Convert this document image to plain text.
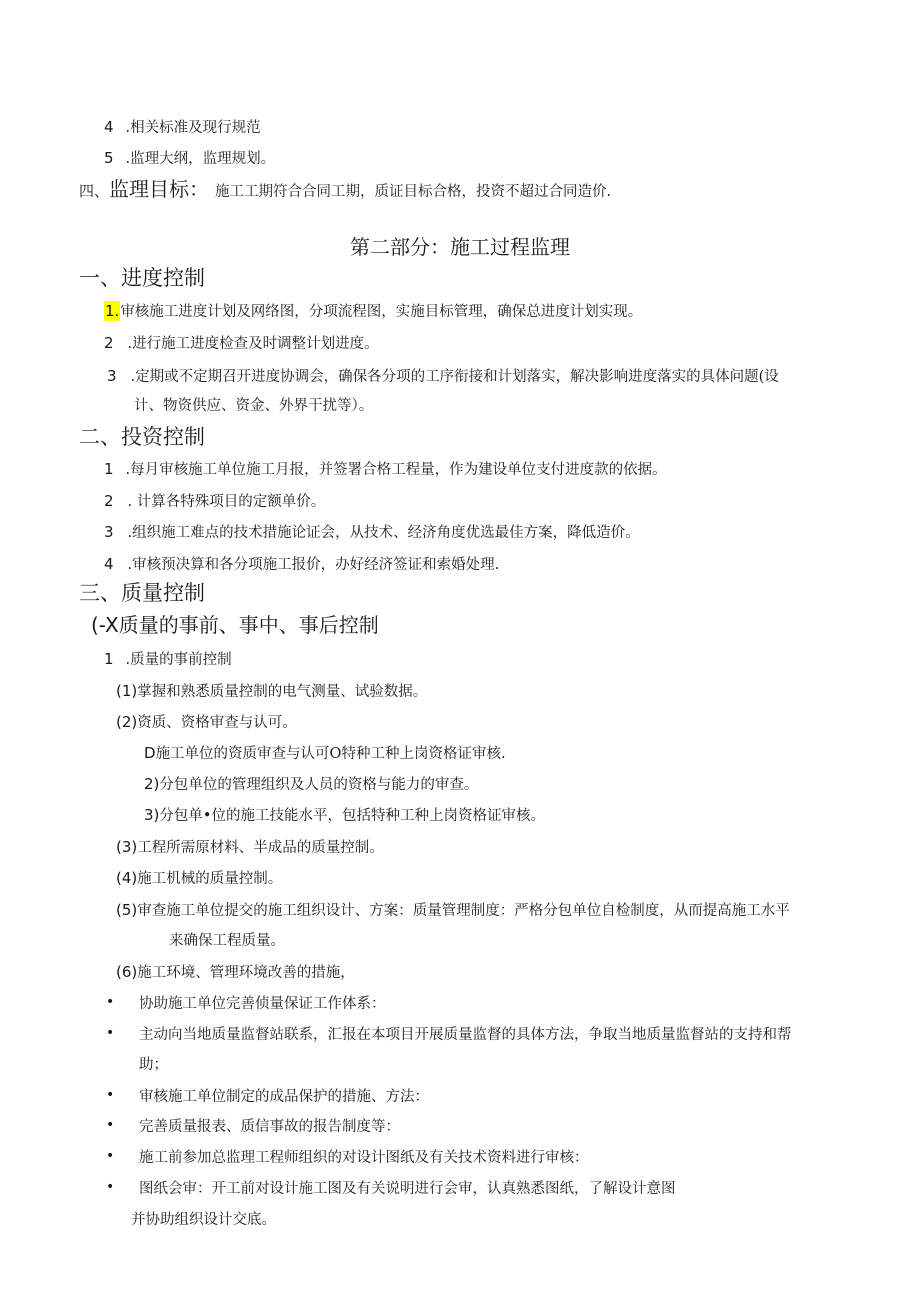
4 .相关标准及现行规范
5 .监理大纲，监理规划。
四、监理目标： 施工工期符合合同工期，质证目标合格，投资不超过合同造价.
第二部分：施工过程监理
一、进度控制
1.审核施工进度计划及网络图，分项流程图，实施目标管理，确保总进度计划实现。
2 .进行施工进度检查及时调整计划进度。
3 .定期或不定期召开进度协调会，确保各分项的工序衔接和计划落实，解决影响进度落实的具体问题(设
计、物资供应、资金、外界干扰等）。
二、投资控制
1 .每月审核施工单位施工月报，并签署合格工程量，作为建设单位支付进度款的依据。
2 . 计算各特殊项目的定额单价。
3 .组织施工难点的技术措施论证会，从技术、经济角度优选最佳方案，降低造价。
4 .审核预决算和各分项施工报价，办好经济签证和索婚处理.
三、质量控制
(-X质量的事前、事中、事后控制
1 .质量的事前控制
(1)掌握和熟悉质量控制的电气测量、试验数据。
(2)资质、资格审查与认可。
D施工单位的资质审查与认可O特种工种上岗资格证审核.
2)分包单位的管理组织及人员的资格与能力的审查。
3)分包单•位的施工技能水平，包括特种工种上岗资格证审核。
(3)工程所需原材料、半成品的质量控制。
(4)施工机械的质量控制。
(5)审查施工单位提交的施工组织设计、方案：质量管理制度：严格分包单位自检制度，从而提高施工水平
来确保工程质量。
(6)施工环境、管理环境改善的措施，
• 协助施工单位完善侦量保证工作体系：
• 主动向当地质量监督站联系，汇报在本项目开展质量监督的具体方法，争取当地质量监督站的支持和帮
助；
• 审核施工单位制定的成品保护的措施、方法：
• 完善质量报表、质信事故的报告制度等：
• 施工前参加总监理工程师组织的对设计图纸及有关技术资料进行审核：
• 图纸会审：开工前对设计施工图及有关说明进行会审，认真熟悉图纸，了解设计意图
并协助组织设计交底。
